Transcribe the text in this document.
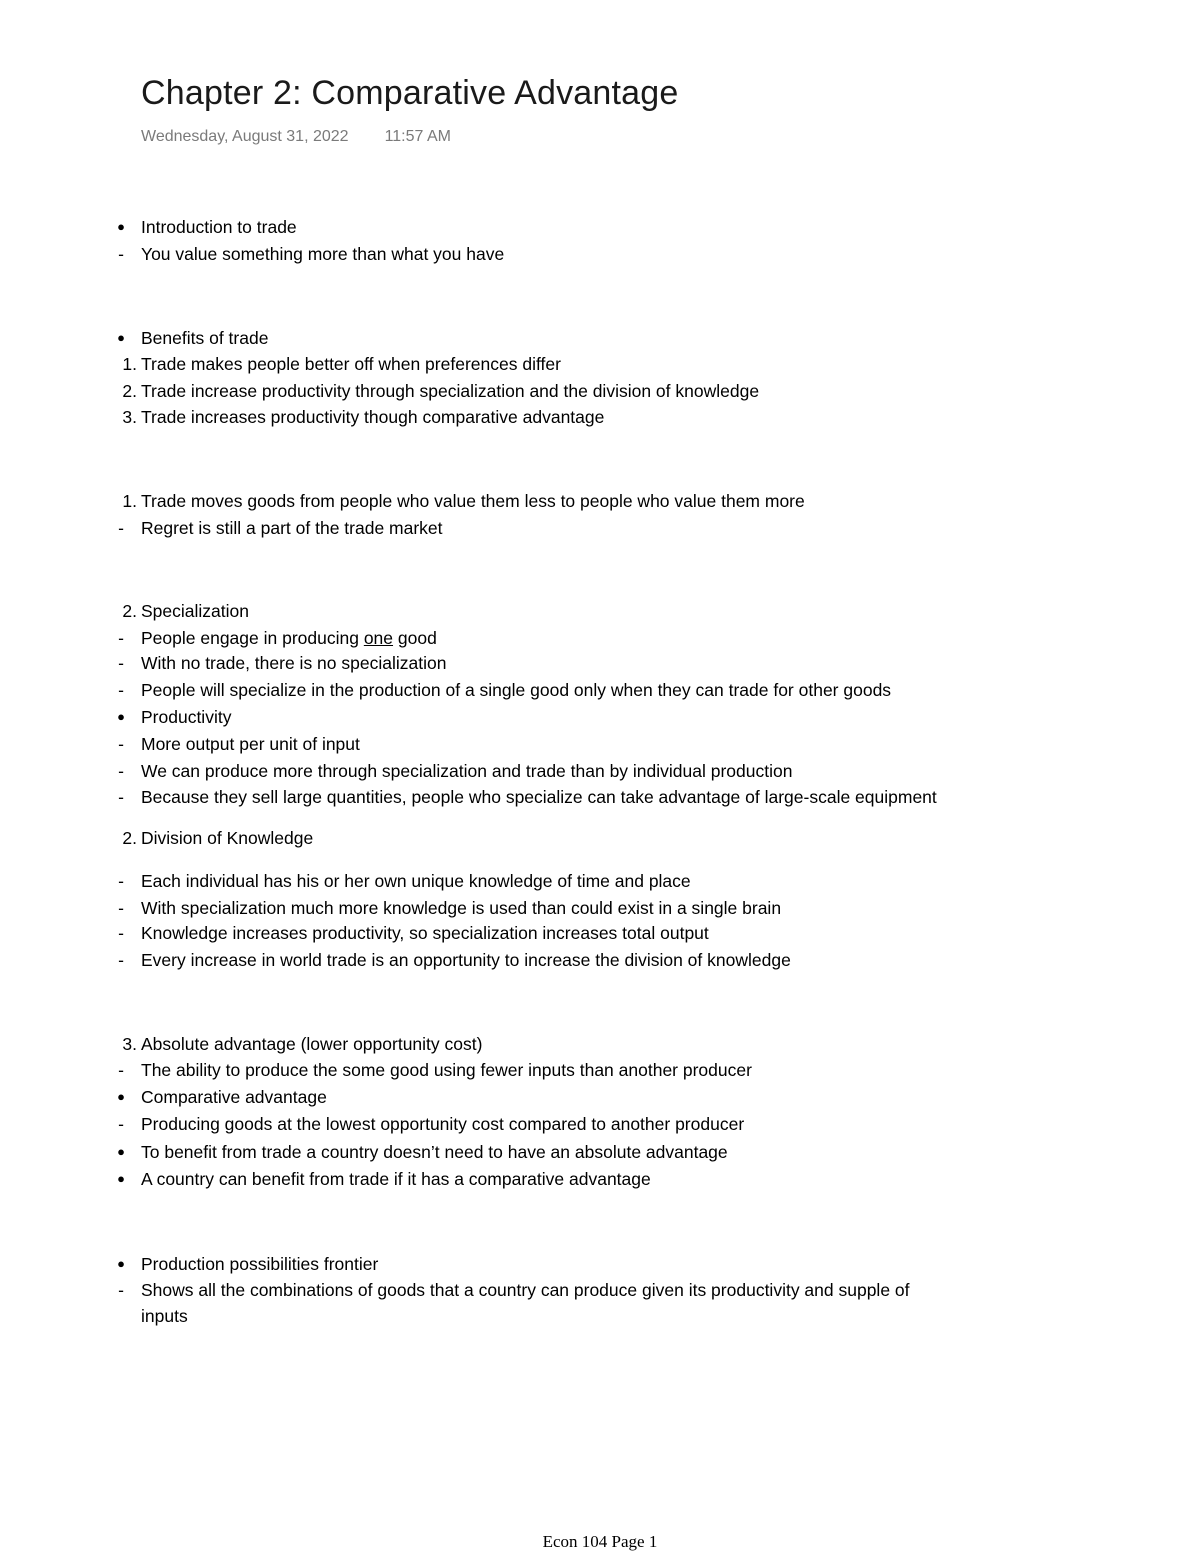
Chapter 2: Comparative Advantage
Wednesday, August 31, 2022 11:57 AM
● Introduction to trade
- You value something more than what you have
● Benefits of trade
1. Trade makes people better off when preferences differ
2. Trade increase productivity through specialization and the division of knowledge
3. Trade increases productivity though comparative advantage
1. Trade moves goods from people who value them less to people who value them more
- Regret is still a part of the trade market
2. Specialization
- People engage in producing one good
- With no trade, there is no specialization
- People will specialize in the production of a single good only when they can trade for other goods
● Productivity
- More output per unit of input
- We can produce more through specialization and trade than by individual production
- Because they sell large quantities, people who specialize can take advantage of large-scale equipment
2. Division of Knowledge
- Each individual has his or her own unique knowledge of time and place
- With specialization much more knowledge is used than could exist in a single brain
- Knowledge increases productivity, so specialization increases total output
- Every increase in world trade is an opportunity to increase the division of knowledge
3. Absolute advantage (lower opportunity cost)
- The ability to produce the some good using fewer inputs than another producer
● Comparative advantage
- Producing goods at the lowest opportunity cost compared to another producer
● To benefit from trade a country doesn’t need to have an absolute advantage
● A country can benefit from trade if it has a comparative advantage
● Production possibilities frontier
- Shows all the combinations of goods that a country can produce given its productivity and supple of
inputs
Econ 104 Page 1
